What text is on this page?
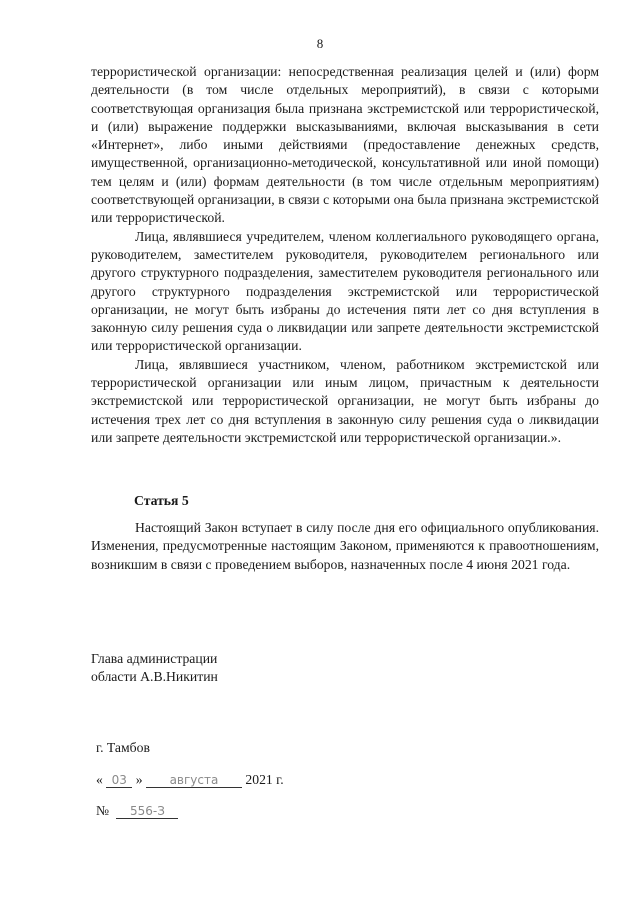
8

террористической организации: непосредственная реализация целей и (или) форм деятельности (в том числе отдельных мероприятий), в связи с которыми соответствующая организация была признана экстремистской или террористической, и (или) выражение поддержки высказываниями, включая высказывания в сети «Интернет», либо иными действиями (предоставление денежных средств, имущественной, организационно-методической, консультативной или иной помощи) тем целям и (или) формам деятельности (в том числе отдельным мероприятиям) соответствующей организации, в связи с которыми она была признана экстремистской или террористической.

Лица, являвшиеся учредителем, членом коллегиального руководящего органа, руководителем, заместителем руководителя, руководителем регионального или другого структурного подразделения, заместителем руководителя регионального или другого структурного подразделения экстремистской или террористической организации, не могут быть избраны до истечения пяти лет со дня вступления в законную силу решения суда о ликвидации или запрете деятельности экстремистской или террористической организации.

Лица, являвшиеся участником, членом, работником экстремистской или террористической организации или иным лицом, причастным к деятельности экстремистской или террористической организации, не могут быть избраны до истечения трех лет со дня вступления в законную силу решения суда о ликвидации или запрете деятельности экстремистской или террористической организации.».

Статья 5

Настоящий Закон вступает в силу после дня его официального опубликования. Изменения, предусмотренные настоящим Законом, применяются к правоотношениям, возникшим в связи с проведением выборов, назначенных после 4 июня 2021 года.

Глава администрации
области А.В.Никитин
г. Тамбов
« 03 » августа 2021 г.
№ 556-З
